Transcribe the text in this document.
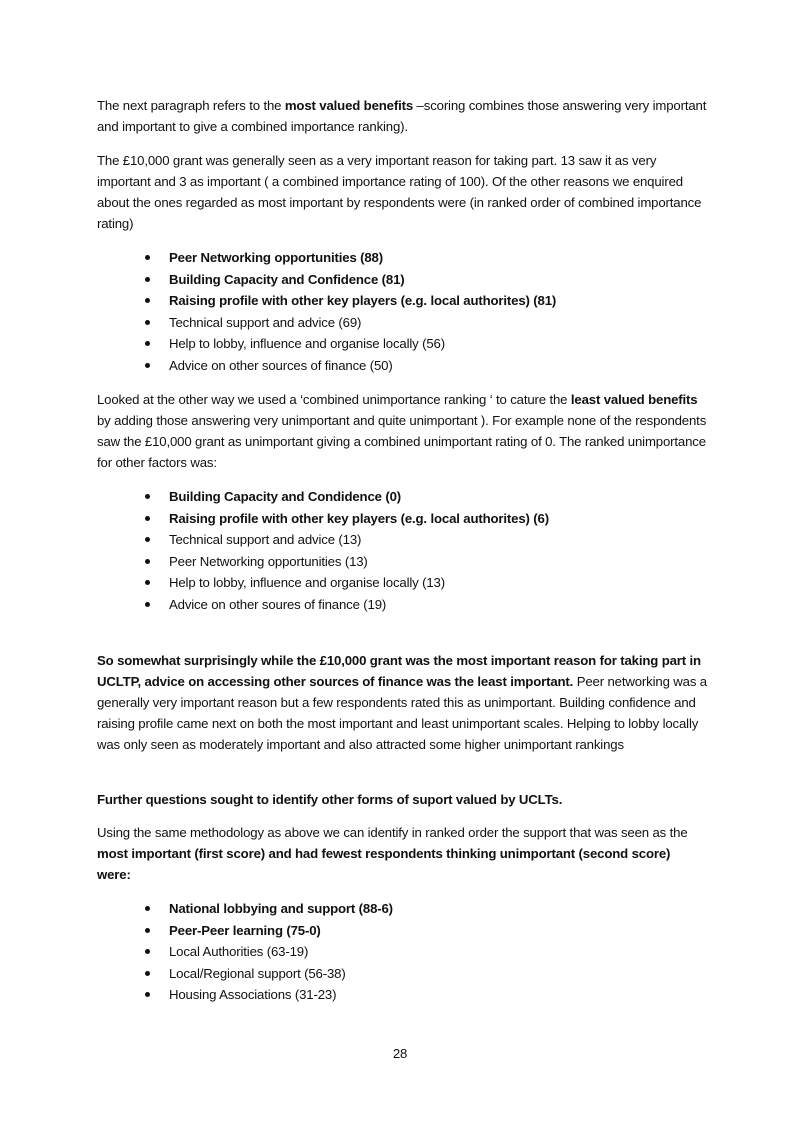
The next paragraph refers to the most valued benefits –scoring combines those answering very important and important to give a combined importance ranking).

The £10,000 grant was generally seen as a very important reason for taking part. 13 saw it as very important and 3 as important ( a combined importance rating of 100). Of the other reasons we enquired about the ones regarded as most important by respondents were (in ranked order of combined importance rating)

Peer Networking opportunities (88)
Building Capacity and Confidence (81)
Raising profile with other key players (e.g. local authorites) (81)
Technical support and advice (69)
Help to lobby, influence and organise locally (56)
Advice on other sources of finance (50)

Looked at the other way we used a ‘combined unimportance ranking ‘ to cature the least valued benefits by adding those answering very unimportant and quite unimportant ). For example none of the respondents saw the £10,000 grant as unimportant giving a combined unimportant rating of 0. The ranked unimportance for other factors was:

Building Capacity and Condidence (0)
Raising profile with other key players (e.g. local authorites) (6)
Technical support and advice (13)
Peer Networking opportunities (13)
Help to lobby, influence and organise locally (13)
Advice on other soures of finance (19)

So somewhat surprisingly while the £10,000 grant was the most important reason for taking part in UCLTP, advice on accessing other sources of finance was the least important. Peer networking was a generally very important reason but a few respondents rated this as unimportant. Building confidence and raising profile came next on both the most important and least unimportant scales. Helping to lobby locally was only seen as moderately important and also attracted some higher unimportant rankings

Further questions sought to identify other forms of suport valued by UCLTs.

Using the same methodology as above we can identify in ranked order the support that was seen as the most important (first score) and had fewest respondents thinking unimportant (second score) were:

National lobbying and support (88-6)
Peer-Peer learning (75-0)
Local Authorities (63-19)
Local/Regional support (56-38)
Housing Associations (31-23)
28
